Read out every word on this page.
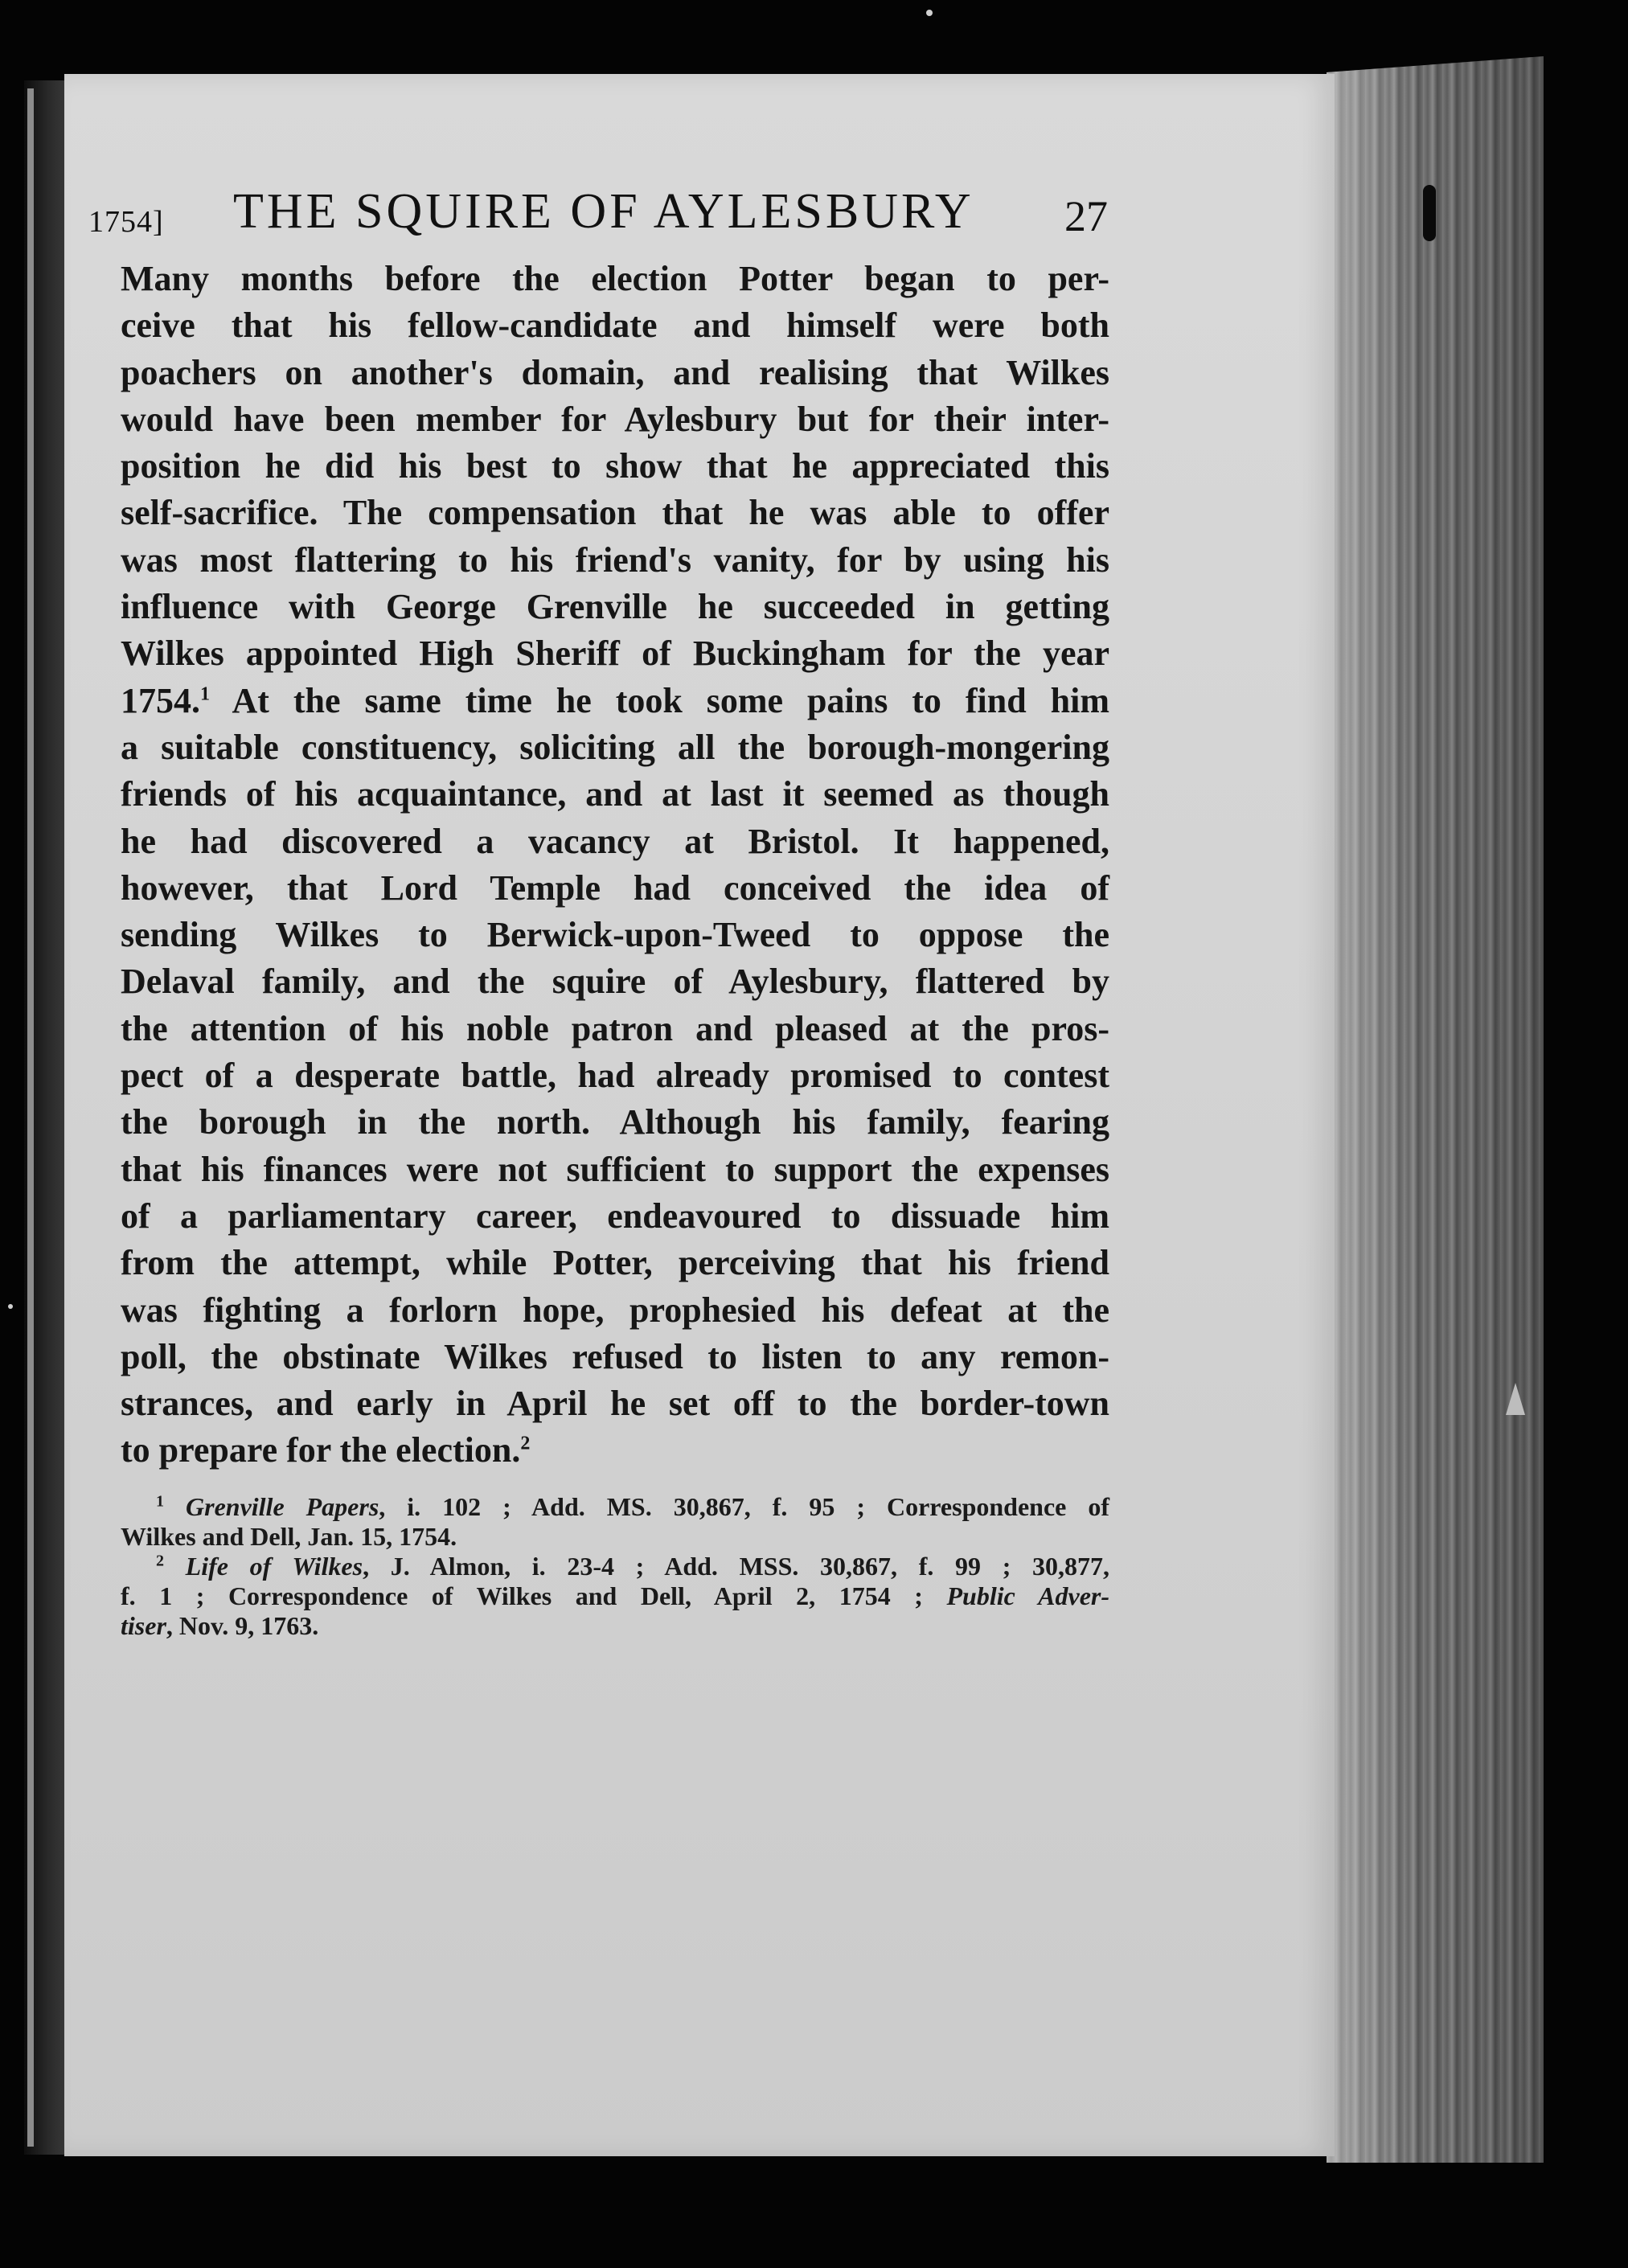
1754] THE SQUIRE OF AYLESBURY 27
Many months before the election Potter began to per-
ceive that his fellow-candidate and himself were both
poachers on another's domain, and realising that Wilkes
would have been member for Aylesbury but for their inter-
position he did his best to show that he appreciated this
self-sacrifice. The compensation that he was able to offer
was most flattering to his friend's vanity, for by using his
influence with George Grenville he succeeded in getting
Wilkes appointed High Sheriff of Buckingham for the year
1754.$^1$ At the same time he took some pains to find him
a suitable constituency, soliciting all the borough-mongering
friends of his acquaintance, and at last it seemed as though
he had discovered a vacancy at Bristol. It happened,
however, that Lord Temple had conceived the idea of
sending Wilkes to Berwick-upon-Tweed to oppose the
Delaval family, and the squire of Aylesbury, flattered by
the attention of his noble patron and pleased at the pros-
pect of a desperate battle, had already promised to contest
the borough in the north. Although his family, fearing
that his finances were not sufficient to support the expenses
of a parliamentary career, endeavoured to dissuade him
from the attempt, while Potter, perceiving that his friend
was fighting a forlorn hope, prophesied his defeat at the
poll, the obstinate Wilkes refused to listen to any remon-
strances, and early in April he set off to the border-town
to prepare for the election.$^2$
$^1$ Grenville Papers, i. 102 ; Add. MS. 30,867, f. 95 ; Correspondence of
Wilkes and Dell, Jan. 15, 1754.
$^2$ Life of Wilkes, J. Almon, i. 23-4 ; Add. MSS. 30,867, f. 99 ; 30,877,
f. 1 ; Correspondence of Wilkes and Dell, April 2, 1754 ; Public Adver-
tiser, Nov. 9, 1763.
